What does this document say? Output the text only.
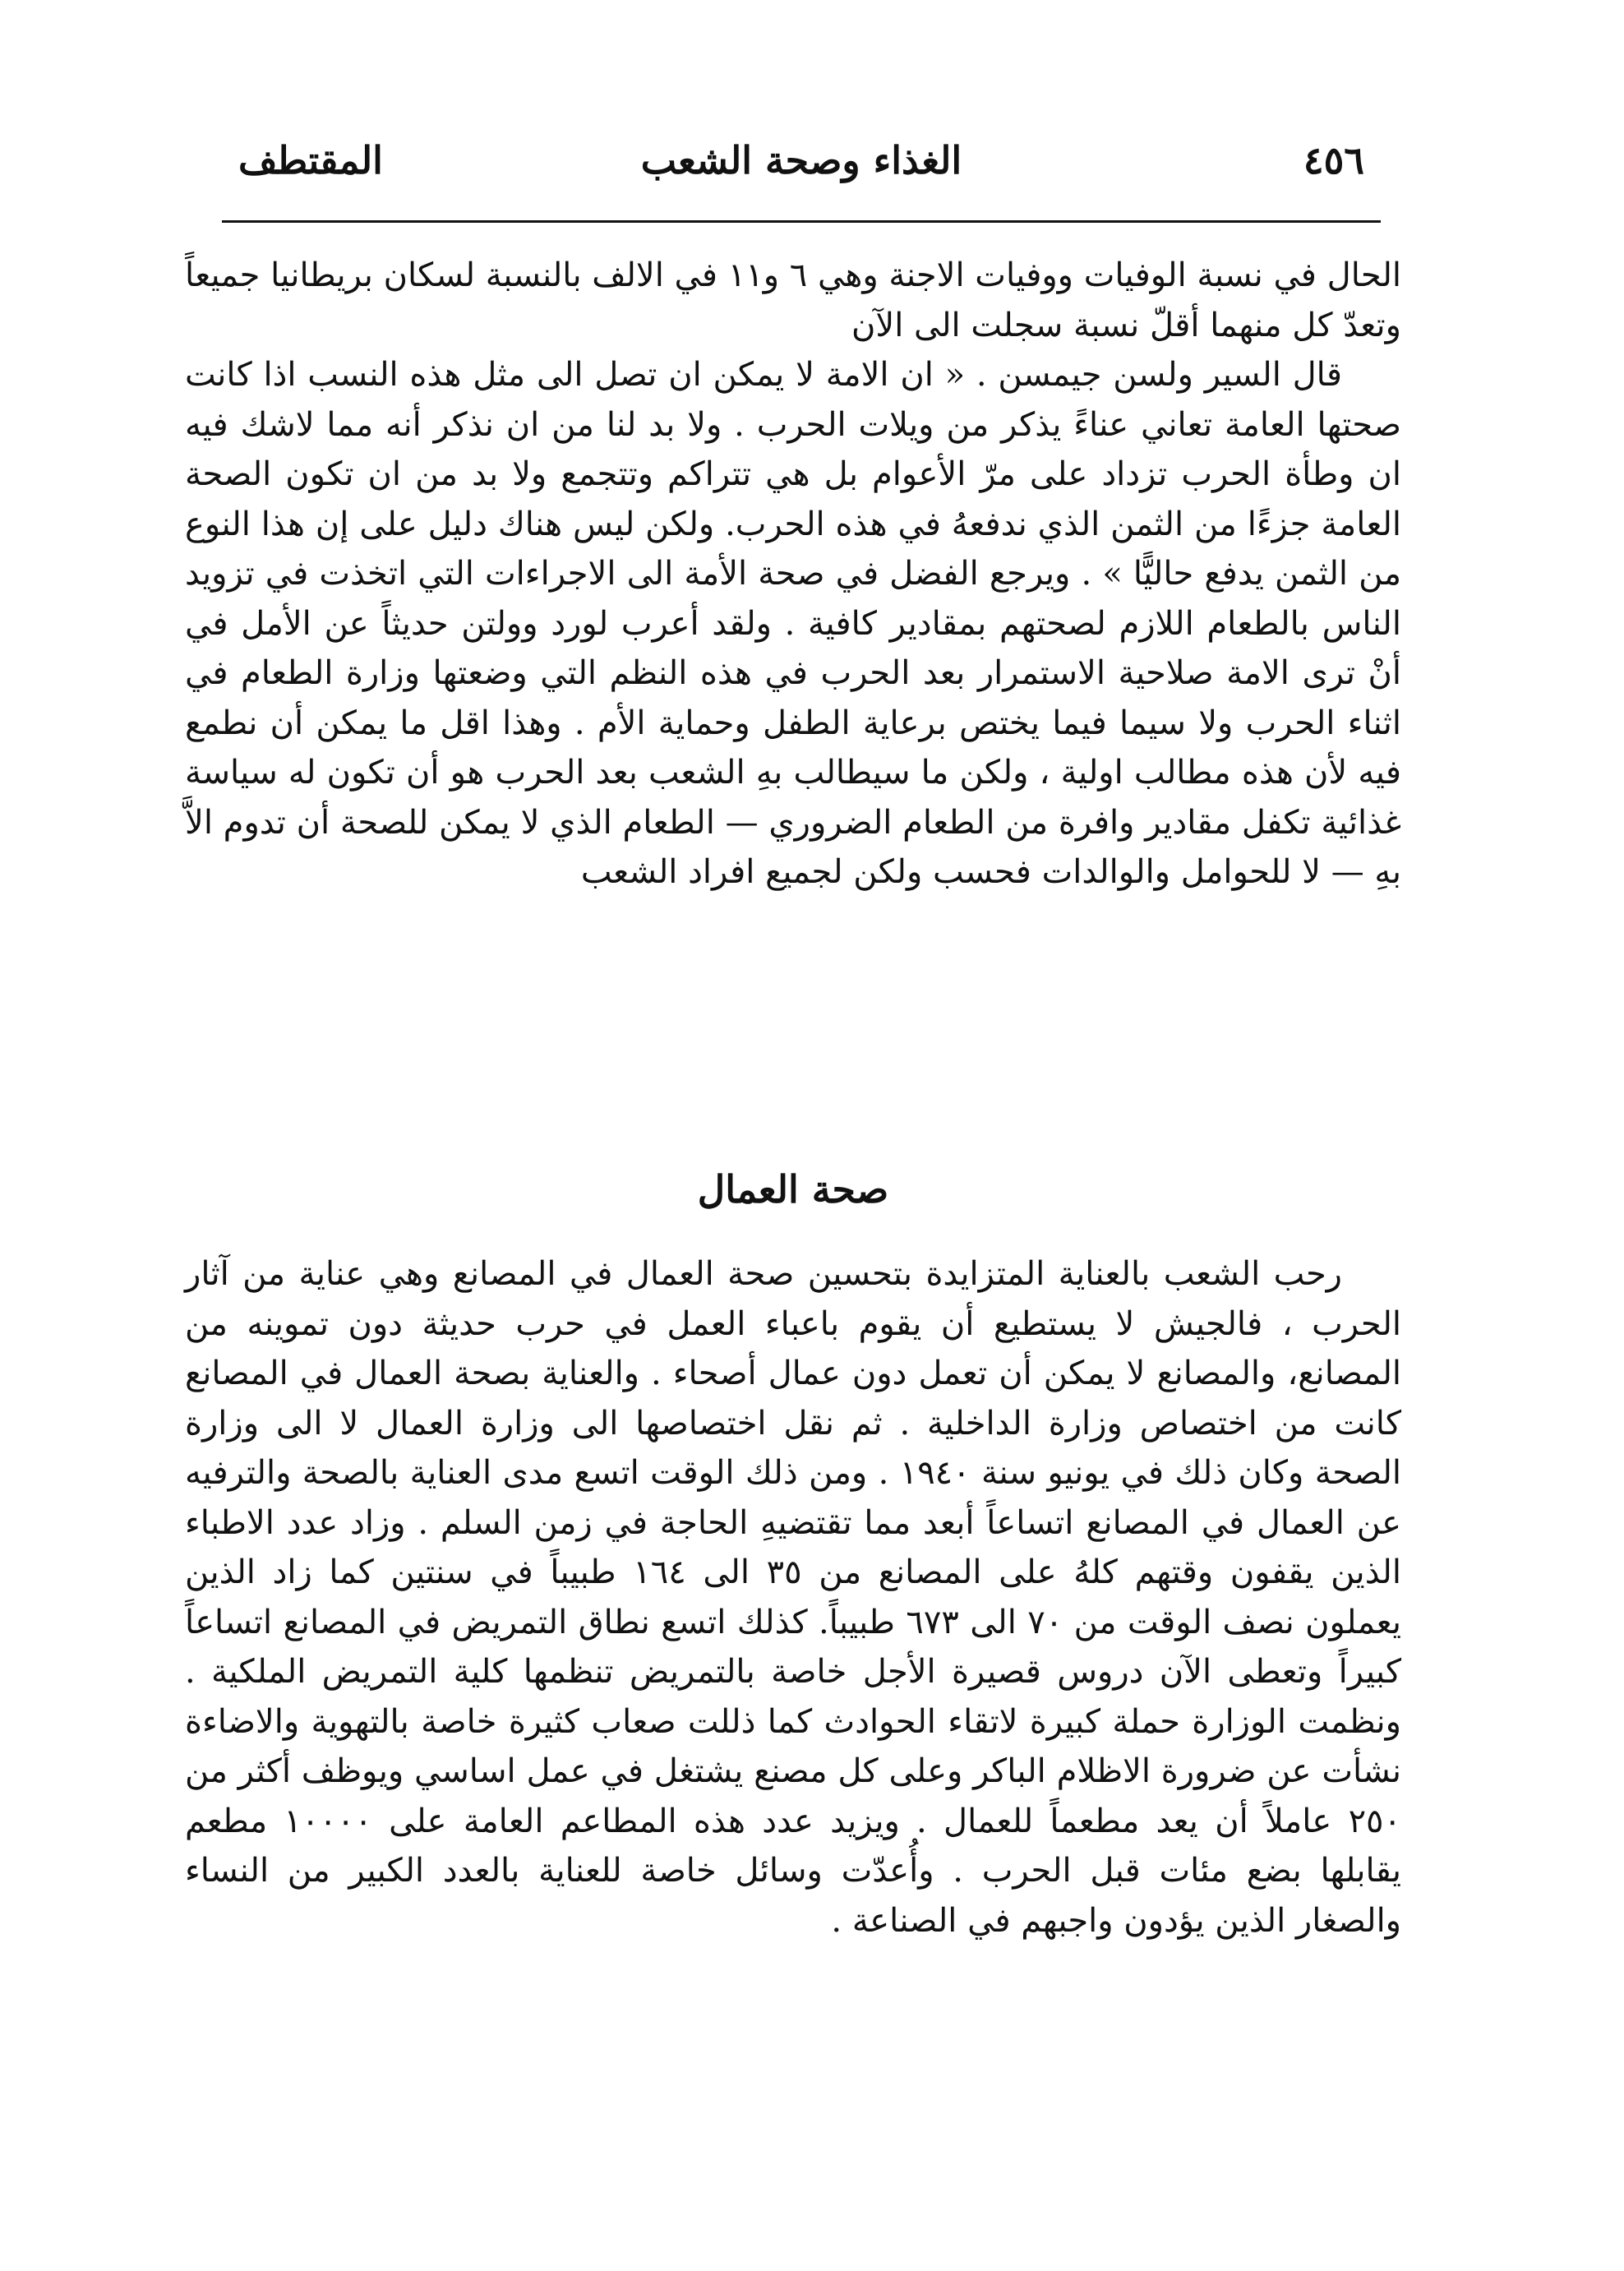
٤٥٦
الغذاء وصحة الشعب
المقتطف

الحال في نسبة الوفيات ووفيات الاجنة وهي ٦ و١١ في الالف بالنسبة لسكان بريطانيا جميعاً وتعدّ كل منهما أقلّ نسبة سجلت الى الآن

قال السير ولسن جيمسن . « ان الامة لا يمكن ان تصل الى مثل هذه النسب اذا كانت صحتها العامة تعاني عناءً يذكر من ويلات الحرب . ولا بد لنا من ان نذكر أنه مما لاشك فيه ان وطأة الحرب تزداد على مرّ الأعوام بل هي تتراكم وتتجمع ولا بد من ان تكون الصحة العامة جزءًا من الثمن الذي ندفعهُ في هذه الحرب. ولكن ليس هناك دليل على إن هذا النوع من الثمن يدفع حاليًّا » . ويرجع الفضل في صحة الأمة الى الاجراءات التي اتخذت في تزويد الناس بالطعام اللازم لصحتهم بمقادير كافية . ولقد أعرب لورد وولتن حديثاً عن الأمل في أنْ ترى الامة صلاحية الاستمرار بعد الحرب في هذه النظم التي وضعتها وزارة الطعام في اثناء الحرب ولا سيما فيما يختص برعاية الطفل وحماية الأم . وهذا اقل ما يمكن أن نطمع فيه لأن هذه مطالب اولية ، ولكن ما سيطالب بهِ الشعب بعد الحرب هو أن تكون له سياسة غذائية تكفل مقادير وافرة من الطعام الضروري — الطعام الذي لا يمكن للصحة أن تدوم الاَّ بهِ — لا للحوامل والوالدات فحسب ولكن لجميع افراد الشعب

صحة العمال

رحب الشعب بالعناية المتزايدة بتحسين صحة العمال في المصانع وهي عناية من آثار الحرب ، فالجيش لا يستطيع أن يقوم باعباء العمل في حرب حديثة دون تموينه من المصانع، والمصانع لا يمكن أن تعمل دون عمال أصحاء . والعناية بصحة العمال في المصانع كانت من اختصاص وزارة الداخلية . ثم نقل اختصاصها الى وزارة العمال لا الى وزارة الصحة وكان ذلك في يونيو سنة ١٩٤٠ . ومن ذلك الوقت اتسع مدى العناية بالصحة والترفيه عن العمال في المصانع اتساعاً أبعد مما تقتضيهِ الحاجة في زمن السلم . وزاد عدد الاطباء الذين يقفون وقتهم كلهُ على المصانع من ٣٥ الى ١٦٤ طبيباً في سنتين كما زاد الذين يعملون نصف الوقت من ٧٠ الى ٦٧٣ طبيباً. كذلك اتسع نطاق التمريض في المصانع اتساعاً كبيراً وتعطى الآن دروس قصيرة الأجل خاصة بالتمريض تنظمها كلية التمريض الملكية . ونظمت الوزارة حملة كبيرة لاتقاء الحوادث كما ذللت صعاب كثيرة خاصة بالتهوية والاضاءة نشأت عن ضرورة الاظلام الباكر وعلى كل مصنع يشتغل في عمل اساسي ويوظف أكثر من ٢٥٠ عاملاً أن يعد مطعماً للعمال . ويزيد عدد هذه المطاعم العامة على ١٠٠٠٠ مطعم يقابلها بضع مئات قبل الحرب . وأُعدّت وسائل خاصة للعناية بالعدد الكبير من النساء والصغار الذين يؤدون واجبهم في الصناعة .
